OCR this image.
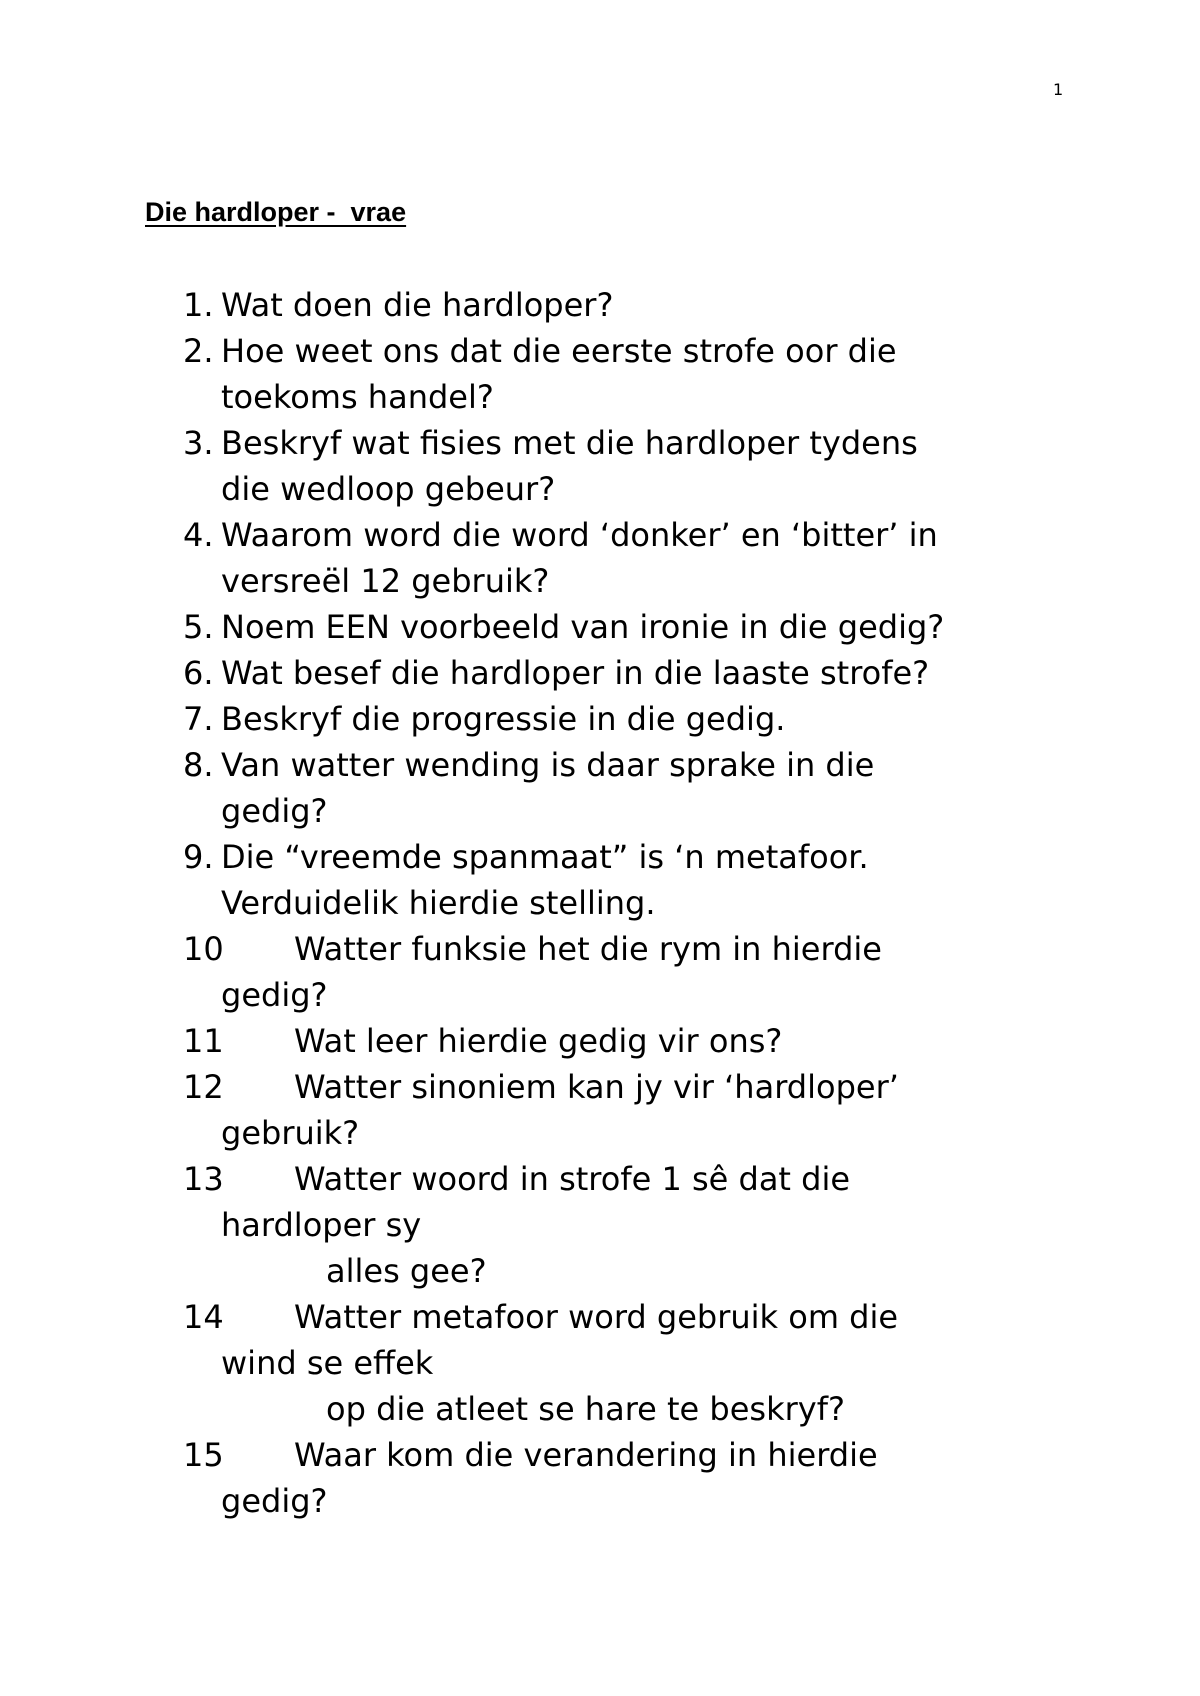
1
Die hardloper -  vrae
1. Wat doen die hardloper?
2. Hoe weet ons dat die eerste strofe oor die
toekoms handel?
3. Beskryf wat fisies met die hardloper tydens
die wedloop gebeur?
4. Waarom word die word ‘donker’ en ‘bitter’ in
versreël 12 gebruik?
5. Noem EEN voorbeeld van ironie in die gedig?
6. Wat besef die hardloper in die laaste strofe?
7. Beskryf die progressie in die gedig.
8. Van watter wending is daar sprake in die
gedig?
9. Die “vreemde spanmaat” is ‘n metafoor.
Verduidelik hierdie stelling.
10	Watter funksie het die rym in hierdie
gedig?
11	Wat leer hierdie gedig vir ons?
12	Watter sinoniem kan jy vir ‘hardloper’
gebruik?
13	Watter woord in strofe 1 sê dat die
hardloper sy
alles gee?
14	Watter metafoor word gebruik om die
wind se effek
op die atleet se hare te beskryf?
15	Waar kom die verandering in hierdie
gedig?
